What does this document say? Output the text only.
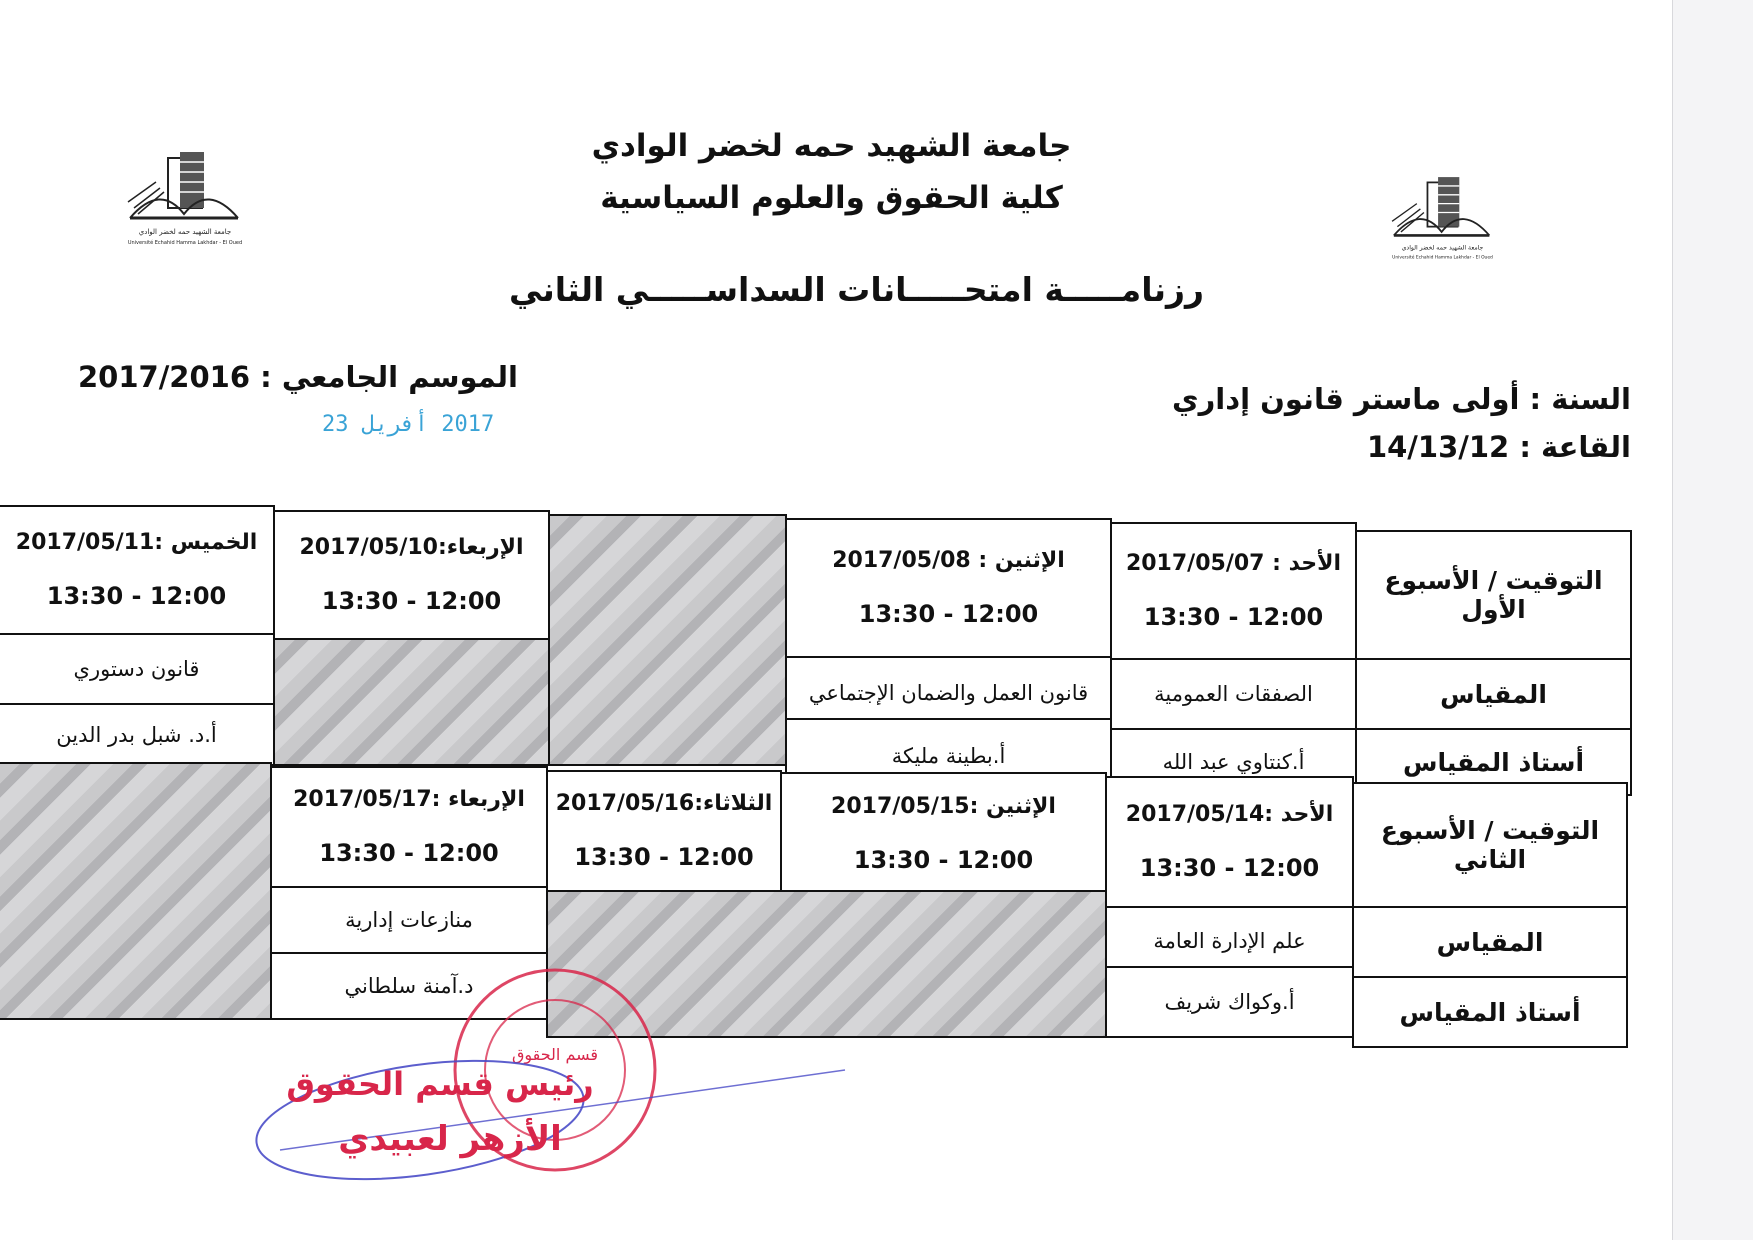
جامعة الشهيد حمه لخضر الوادي
Université Echahid Hamma Lakhdar - El Oued
جامعة الشهيد حمه لخضر الوادي
Université Echahid Hamma Lakhdar - El Oued
جامعة الشهيد حمه لخضر الوادي
كلية الحقوق والعلوم السياسية
رزنامـــــة امتحـــــانات السداســـــي الثاني
الموسم الجامعي : 2017/2016
2017 أفريل 23
السنة : أولى ماستر قانون إداري
القاعة : 14/13/12
التوقيت / الأسبوع الأول
المقياس
أستاذ المقياس
الأحد : 2017/05/07
12:00 - 13:30
الصفقات العمومية
أ.كنتاوي عبد الله
الإثنين : 2017/05/08
12:00 - 13:30
قانون العمل والضمان الإجتماعي
أ.بطينة مليكة
الإربعاء:2017/05/10
12:00 - 13:30
الخميس :2017/05/11
12:00 - 13:30
قانون دستوري
أ.د. شبل بدر الدين
التوقيت / الأسبوع الثاني
المقياس
أستاذ المقياس
الأحد :2017/05/14
12:00 - 13:30
علم الإدارة العامة
أ.وكواك شريف
الإثنين :2017/05/15
12:00 - 13:30
الثلاثاء:2017/05/16
12:00 - 13:30
الإربعاء :2017/05/17
12:00 - 13:30
منازعات إدارية
د.آمنة سلطاني
قسم الحقوق
رئيس قسم الحقوق
الأزهر لعبيدي
